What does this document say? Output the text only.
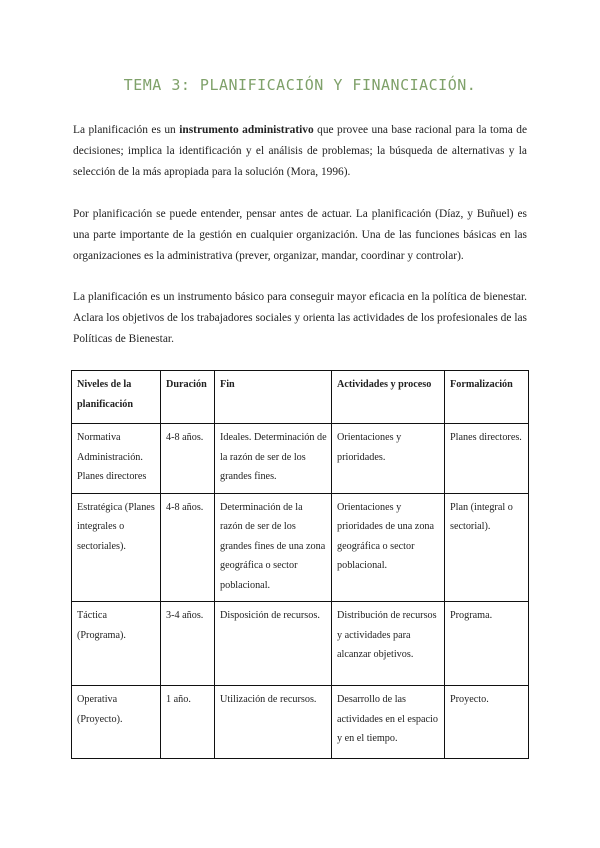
TEMA 3: PLANIFICACIÓN Y FINANCIACIÓN.

La planificación es un instrumento administrativo que provee una base racional para la toma de decisiones; implica la identificación y el análisis de problemas; la búsqueda de alternativas y la selección de la más apropiada para la solución (Mora, 1996).

Por planificación se puede entender, pensar antes de actuar. La planificación (Díaz, y Buñuel) es una parte importante de la gestión en cualquier organización. Una de las funciones básicas en las organizaciones es la administrativa (prever, organizar, mandar, coordinar y controlar).

La planificación es un instrumento básico para conseguir mayor eficacia en la política de bienestar. Aclara los objetivos de los trabajadores sociales y orienta las actividades de los profesionales de las Políticas de Bienestar.

Niveles de la planificación	Duración	Fin	Actividades y proceso	Formalización
Normativa Administración. Planes directores	4-8 años.	Ideales. Determinación de la razón de ser de los grandes fines.	Orientaciones y prioridades.	Planes directores.
Estratégica (Planes integrales o sectoriales).	4-8 años.	Determinación de la razón de ser de los grandes fines de una zona geográfica o sector poblacional.	Orientaciones y prioridades de una zona geográfica o sector poblacional.	Plan (integral o sectorial).
Táctica (Programa).	3-4 años.	Disposición de recursos.	Distribución de recursos y actividades para alcanzar objetivos.	Programa.
Operativa (Proyecto).	1 año.	Utilización de recursos.	Desarrollo de las actividades en el espacio y en el tiempo.	Proyecto.
